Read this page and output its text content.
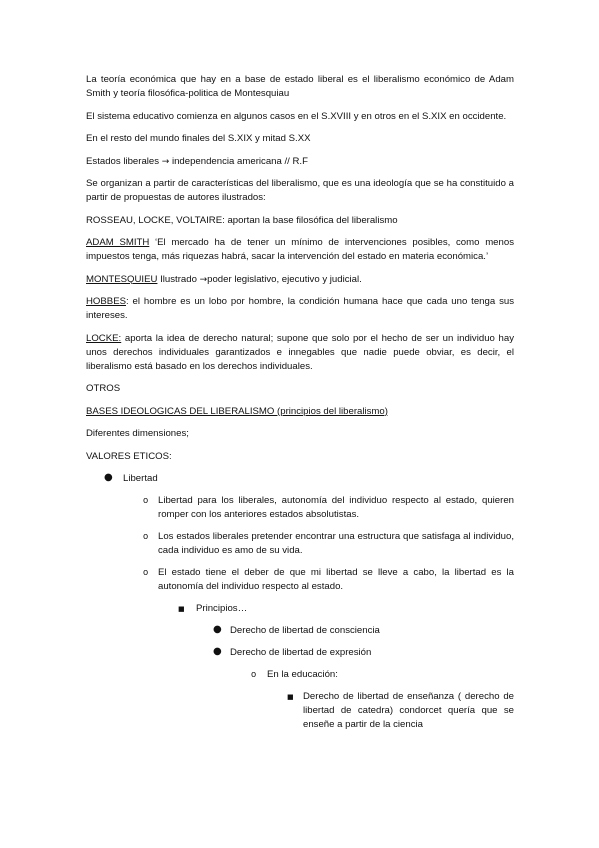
La teoría económica que hay en a base de estado liberal es el liberalismo económico de Adam Smith y teoría filosófica-politica de Montesquiau

El sistema educativo comienza en algunos casos en el S.XVIII y en otros en el S.XIX en occidente.

En el resto del mundo finales del S.XIX y mitad S.XX

Estados liberales → independencia americana // R.F

Se organizan a partir de características del liberalismo, que es una ideología que se ha constituido a partir de propuestas de autores ilustrados:

ROSSEAU, LOCKE, VOLTAIRE: aportan la base filosófica del liberalismo

ADAM SMITH ‘El mercado ha de tener un mínimo de intervenciones posibles, como menos impuestos tenga, más riquezas habrá, sacar la intervención del estado en materia económica.’

MONTESQUIEU Ilustrado →poder legislativo, ejecutivo y judicial.

HOBBES: el hombre es un lobo por hombre, la condición humana hace que cada uno tenga sus intereses.

LOCKE: aporta la idea de derecho natural; supone que solo por el hecho de ser un individuo hay unos derechos individuales garantizados e innegables que nadie puede obviar, es decir, el liberalismo está basado en los derechos individuales.

OTROS

BASES IDEOLOGICAS DEL LIBERALISMO (principios del liberalismo)

Diferentes dimensiones;

VALORES ETICOS:

● Libertad
o Libertad para los liberales, autonomía del individuo respecto al estado, quieren romper con los anteriores estados absolutistas.
o Los estados liberales pretender encontrar una estructura que satisfaga al individuo, cada individuo es amo de su vida.
o El estado tiene el deber de que mi libertad se lleve a cabo, la libertad es la autonomía del individuo respecto al estado.
■ Principios…
● Derecho de libertad de consciencia
● Derecho de libertad de expresión
o En la educación:
■ Derecho de libertad de enseñanza ( derecho de libertad de catedra) condorcet quería que se enseñe a partir de la ciencia
